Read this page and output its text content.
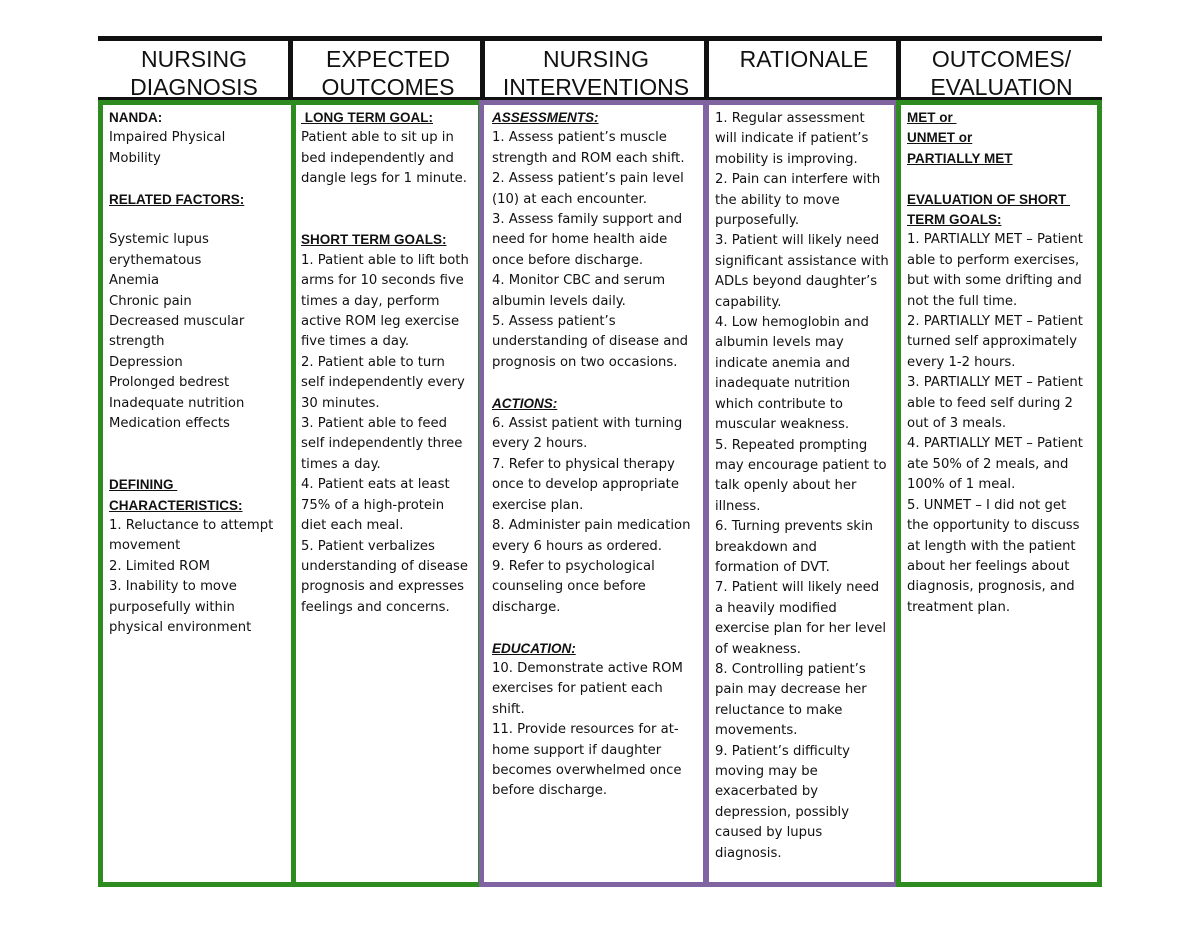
NURSING
DIAGNOSIS
EXPECTED
OUTCOMES
NURSING
INTERVENTIONS
RATIONALE	OUTCOMES/
EVALUATION
NANDA:
Impaired Physical
Mobility
RELATED FACTORS:
Systemic lupus
erythematous
Anemia
Chronic pain
Decreased muscular
strength
Depression
Prolonged bedrest
Inadequate nutrition
Medication effects
DEFINING
CHARACTERISTICS:
1. Reluctance to attempt
movement
2. Limited ROM
3. Inability to move
purposefully within
physical environment
LONG TERM GOAL:
Patient able to sit up in
bed independently and
dangle legs for 1 minute.
SHORT TERM GOALS:
1. Patient able to lift both
arms for 10 seconds five
times a day, perform
active ROM leg exercise
five times a day.
2. Patient able to turn
self independently every
30 minutes.
3. Patient able to feed
self independently three
times a day.
4. Patient eats at least
75% of a high-protein
diet each meal.
5. Patient verbalizes
understanding of disease
prognosis and expresses
feelings and concerns.
ASSESSMENTS:
1. Assess patient’s muscle
strength and ROM each shift.
2. Assess patient’s pain level
(10) at each encounter.
3. Assess family support and
need for home health aide
once before discharge.
4. Monitor CBC and serum
albumin levels daily.
5. Assess patient’s
understanding of disease and
prognosis on two occasions.
ACTIONS:
6. Assist patient with turning
every 2 hours.
7. Refer to physical therapy
once to develop appropriate
exercise plan.
8. Administer pain medication
every 6 hours as ordered.
9. Refer to psychological
counseling once before
discharge.
EDUCATION:
10. Demonstrate active ROM
exercises for patient each
shift.
11. Provide resources for at-
home support if daughter
becomes overwhelmed once
before discharge.
1. Regular assessment
will indicate if patient’s
mobility is improving.
2. Pain can interfere with
the ability to move
purposefully.
3. Patient will likely need
significant assistance with
ADLs beyond daughter’s
capability.
4. Low hemoglobin and
albumin levels may
indicate anemia and
inadequate nutrition
which contribute to
muscular weakness.
5. Repeated prompting
may encourage patient to
talk openly about her
illness.
6. Turning prevents skin
breakdown and
formation of DVT.
7. Patient will likely need
a heavily modified
exercise plan for her level
of weakness.
8. Controlling patient’s
pain may decrease her
reluctance to make
movements.
9. Patient’s difficulty
moving may be
exacerbated by
depression, possibly
caused by lupus
diagnosis.
MET or
UNMET or
PARTIALLY MET
EVALUATION OF SHORT
TERM GOALS:
1. PARTIALLY MET – Patient
able to perform exercises,
but with some drifting and
not the full time.
2. PARTIALLY MET – Patient
turned self approximately
every 1-2 hours.
3. PARTIALLY MET – Patient
able to feed self during 2
out of 3 meals.
4. PARTIALLY MET – Patient
ate 50% of 2 meals, and
100% of 1 meal.
5. UNMET – I did not get
the opportunity to discuss
at length with the patient
about her feelings about
diagnosis, prognosis, and
treatment plan.
